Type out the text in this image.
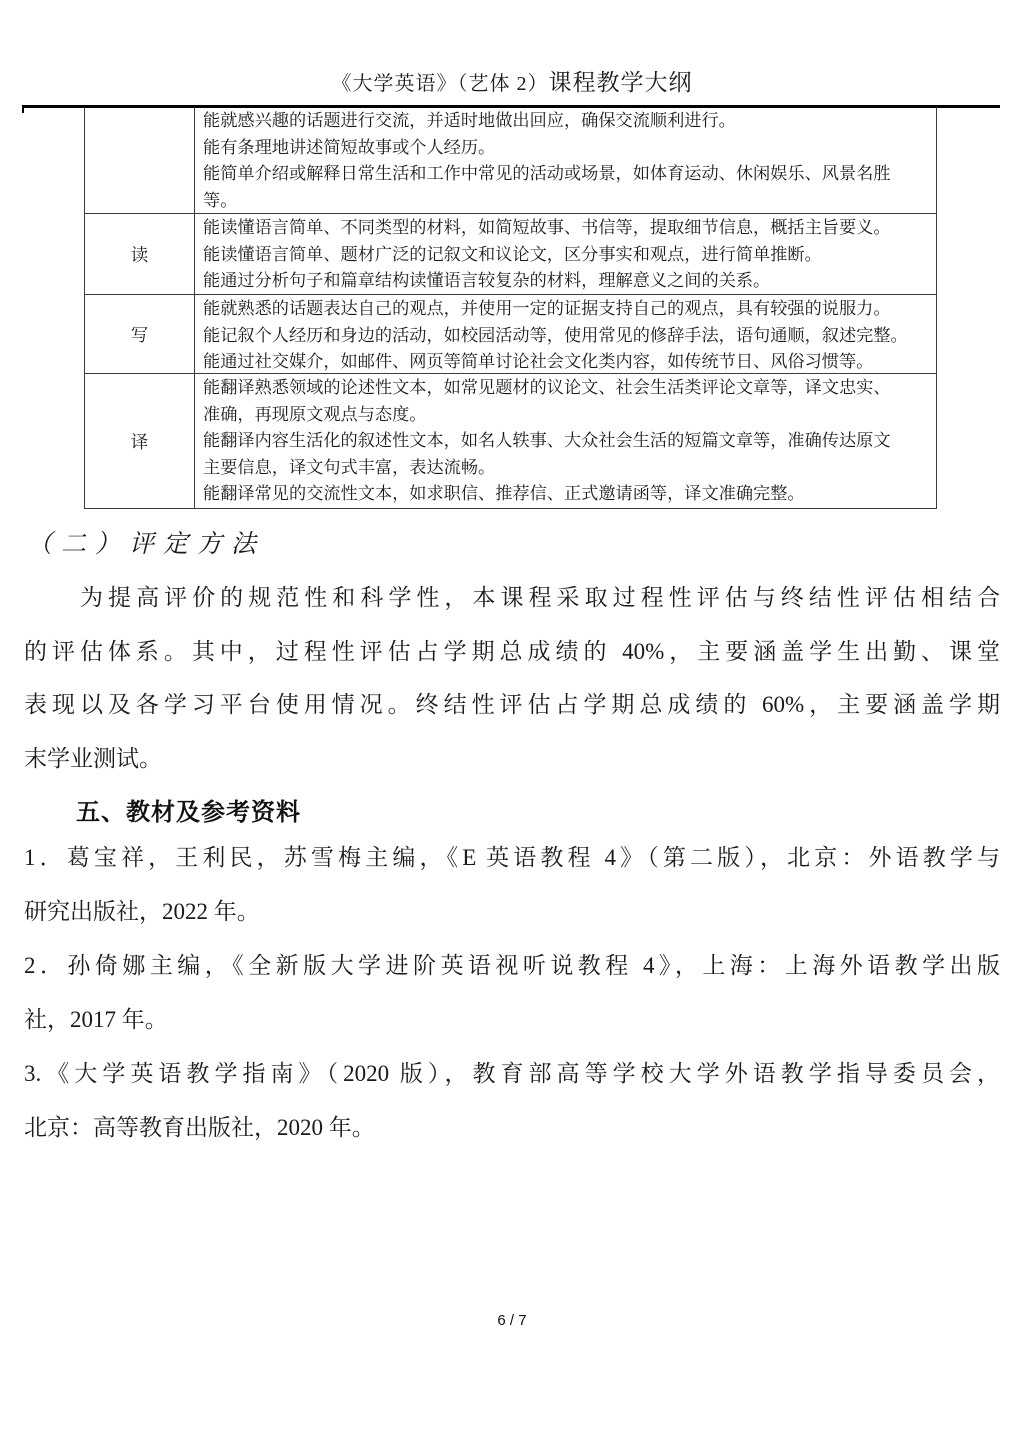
《大学英语》（艺体 2）课程教学大纲
能就感兴趣的话题进行交流，并适时地做出回应，确保交流顺利进行。
能有条理地讲述简短故事或个人经历。
能简单介绍或解释日常生活和工作中常见的活动或场景，如体育运动、休闲娱乐、风景名胜
等。
读
能读懂语言简单、不同类型的材料，如简短故事、书信等，提取细节信息，概括主旨要义。
能读懂语言简单、题材广泛的记叙文和议论文，区分事实和观点，进行简单推断。
能通过分析句子和篇章结构读懂语言较复杂的材料，理解意义之间的关系。
写
能就熟悉的话题表达自己的观点，并使用一定的证据支持自己的观点，具有较强的说服力。
能记叙个人经历和身边的活动，如校园活动等，使用常见的修辞手法，语句通顺，叙述完整。
能通过社交媒介，如邮件、网页等简单讨论社会文化类内容，如传统节日、风俗习惯等。
译
能翻译熟悉领域的论述性文本，如常见题材的议论文、社会生活类评论文章等，译文忠实、
准确，再现原文观点与态度。
能翻译内容生活化的叙述性文本，如名人轶事、大众社会生活的短篇文章等，准确传达原文
主要信息，译文句式丰富，表达流畅。
能翻译常见的交流性文本，如求职信、推荐信、正式邀请函等，译文准确完整。
（二）评定方法
为提高评价的规范性和科学性，本课程采取过程性评估与终结性评估相结合
的评估体系。其中，过程性评估占学期总成绩的 40%，主要涵盖学生出勤、课堂
表现以及各学习平台使用情况。终结性评估占学期总成绩的 60%，主要涵盖学期
末学业测试。
五、教材及参考资料
1．葛宝祥，王利民，苏雪梅主编，《E 英语教程 4》（第二版），北京：外语教学与
研究出版社，2022 年。
2．孙倚娜主编，《全新版大学进阶英语视听说教程 4》，上海：上海外语教学出版
社，2017 年。
3.《大学英语教学指南》（2020 版），教育部高等学校大学外语教学指导委员会，
北京：高等教育出版社，2020 年。
6 / 7
